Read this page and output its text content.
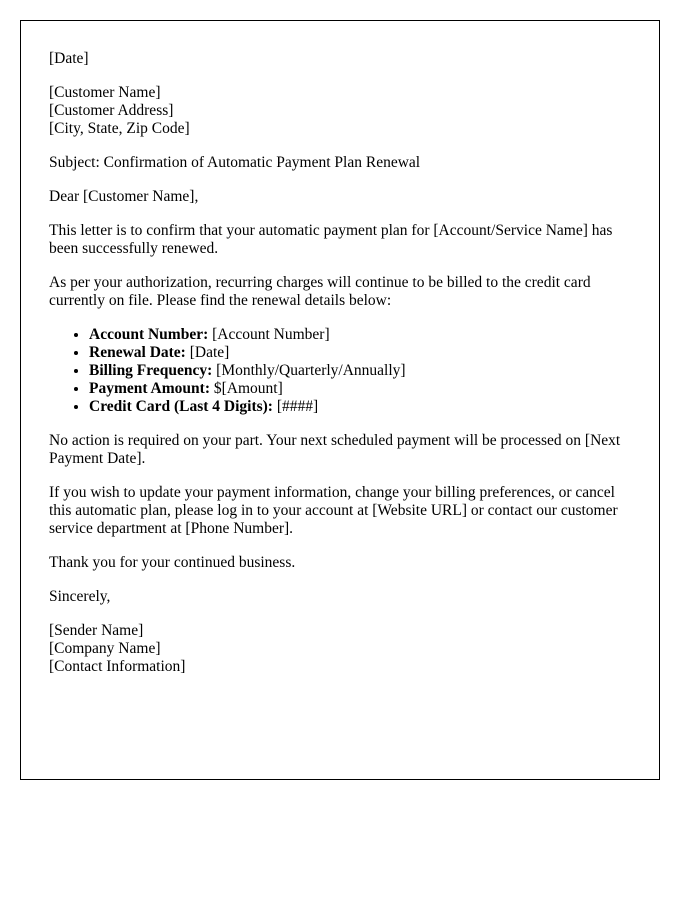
[Date]

[Customer Name]
[Customer Address]
[City, State, Zip Code]

Subject: Confirmation of Automatic Payment Plan Renewal

Dear [Customer Name],

This letter is to confirm that your automatic payment plan for [Account/Service Name] has been successfully renewed.

As per your authorization, recurring charges will continue to be billed to the credit card currently on file. Please find the renewal details below:

• Account Number: [Account Number]
• Renewal Date: [Date]
• Billing Frequency: [Monthly/Quarterly/Annually]
• Payment Amount: $[Amount]
• Credit Card (Last 4 Digits): [####]

No action is required on your part. Your next scheduled payment will be processed on [Next Payment Date].

If you wish to update your payment information, change your billing preferences, or cancel this automatic plan, please log in to your account at [Website URL] or contact our customer service department at [Phone Number].

Thank you for your continued business.

Sincerely,

[Sender Name]
[Company Name]
[Contact Information]
